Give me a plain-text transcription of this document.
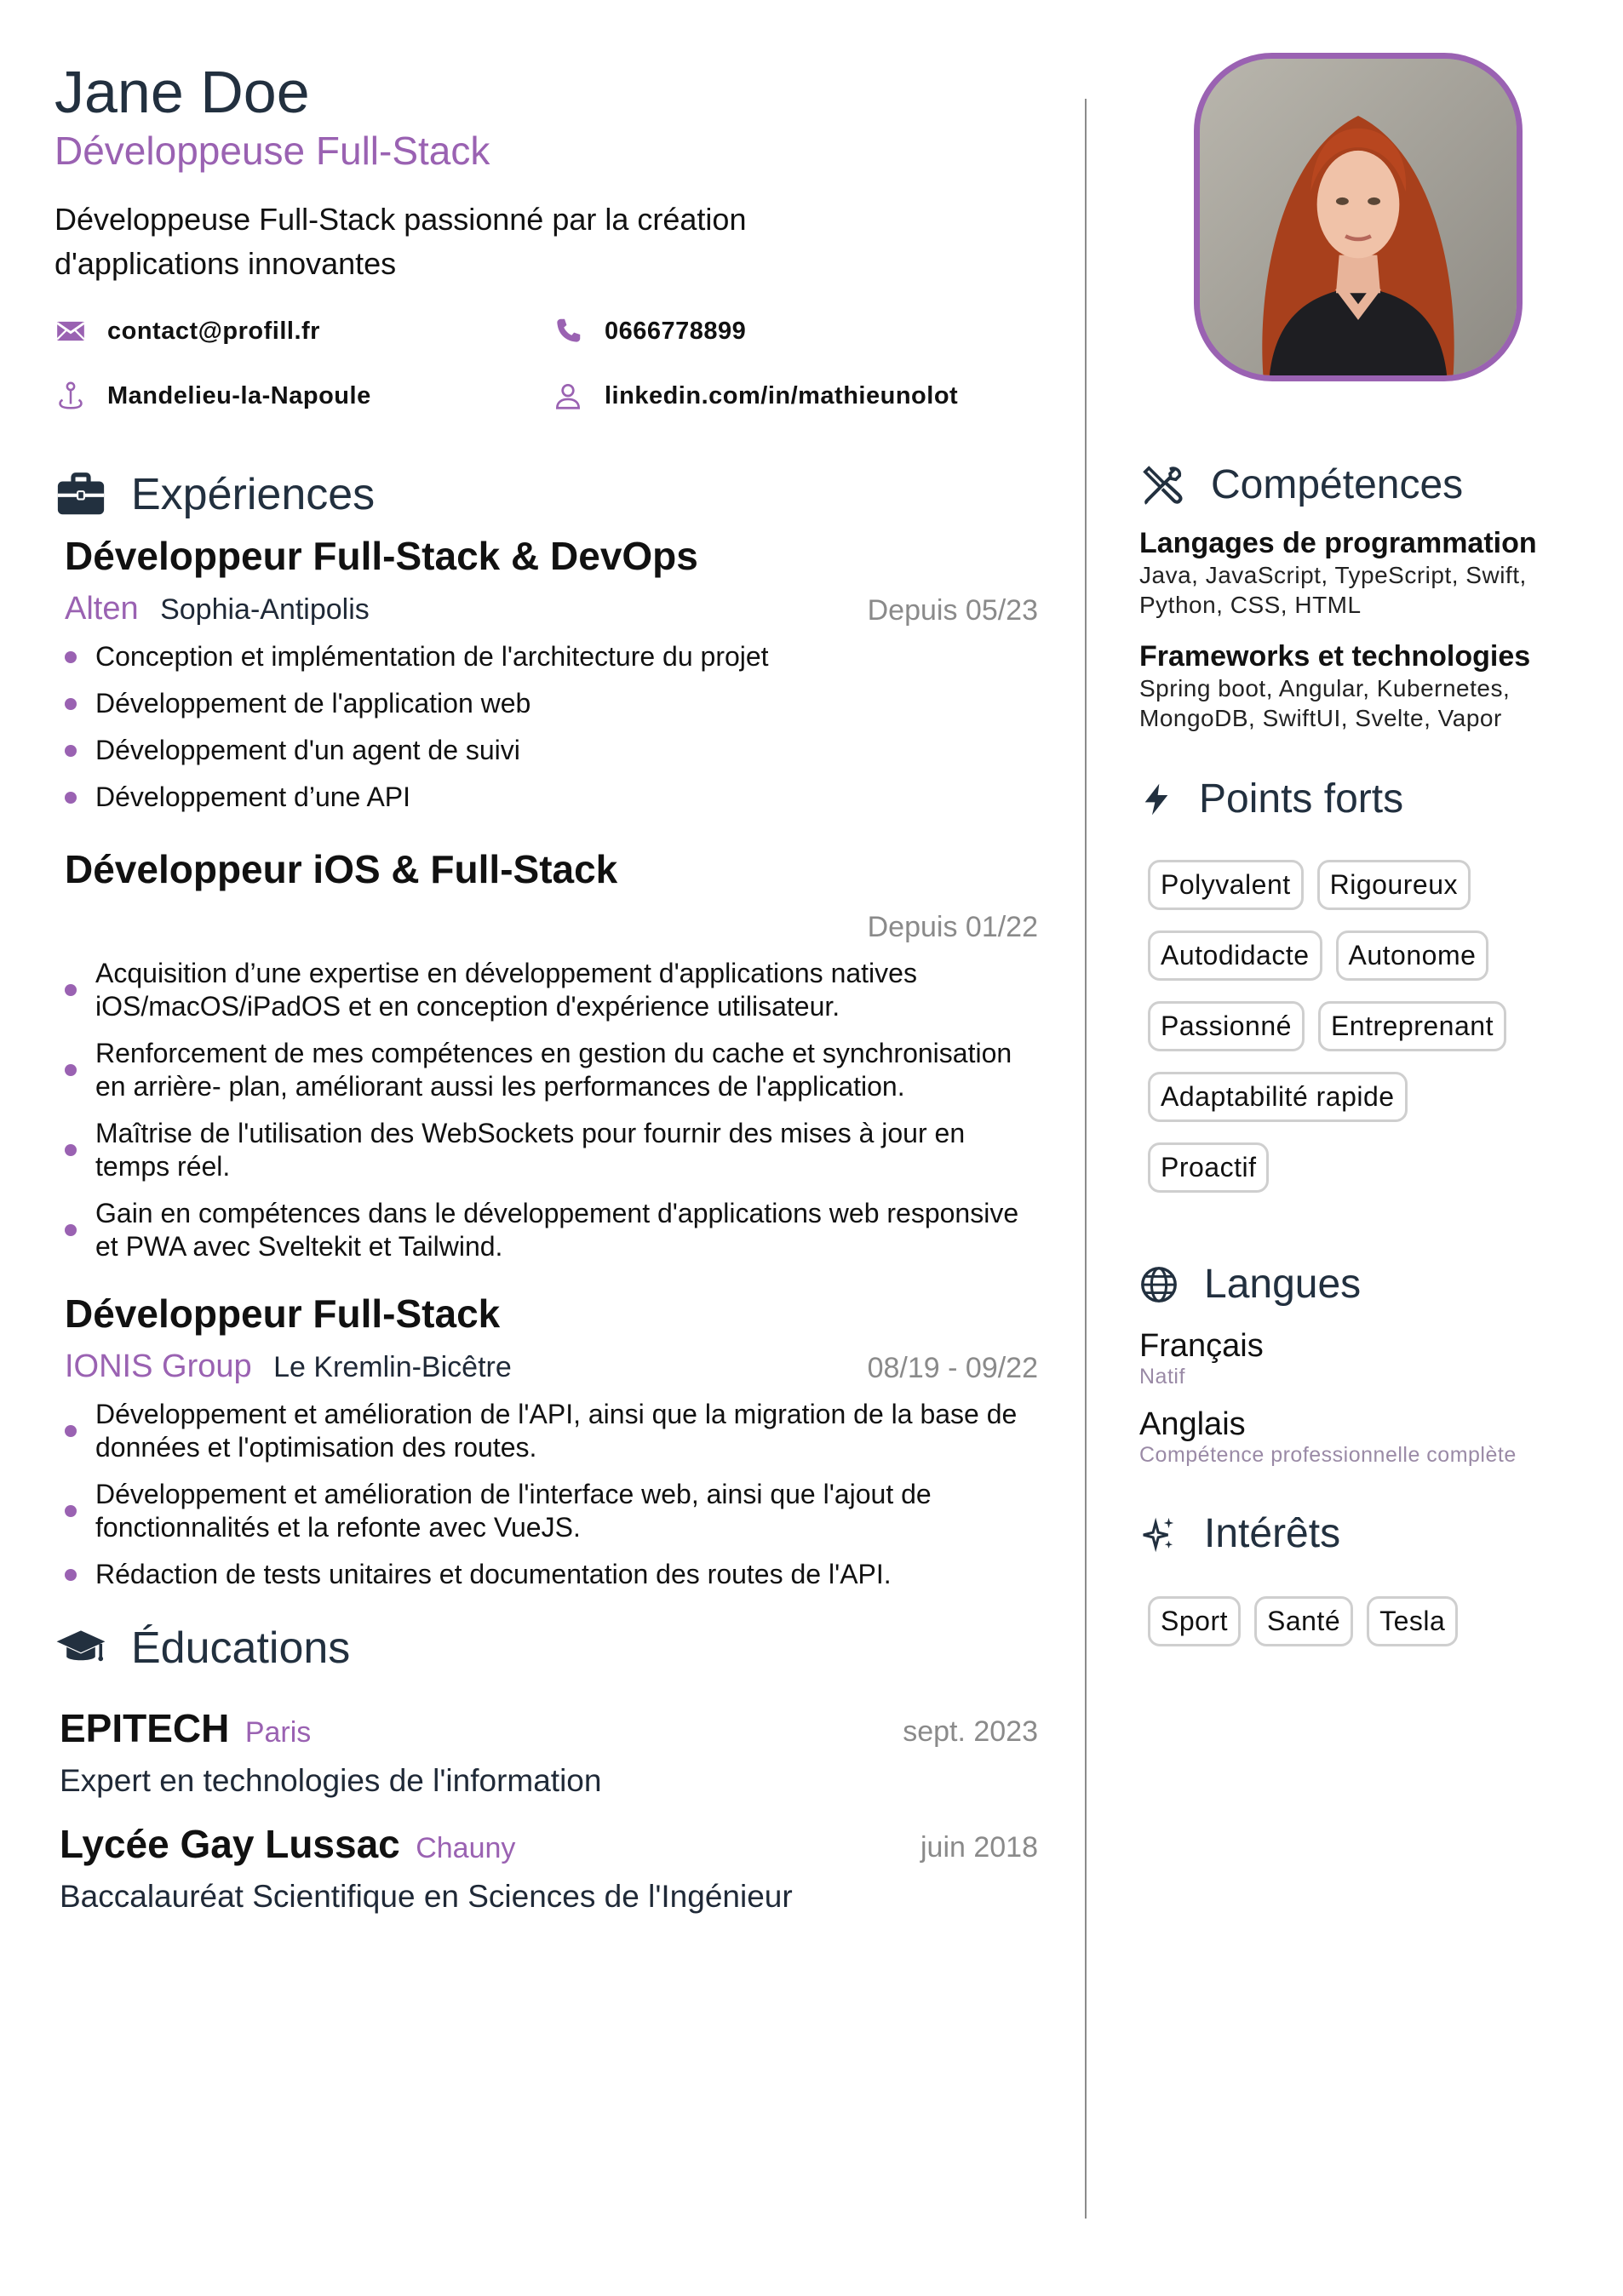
Jane Doe
Développeuse Full-Stack
Développeuse Full-Stack passionné par la création d'applications innovantes
contact@profill.fr	0666778899
Mandelieu-la-Napoule	linkedin.com/in/mathieunolot
Expériences
Développeur Full-Stack & DevOps
Alten Sophia-Antipolis	Depuis 05/23
Conception et implémentation de l'architecture du projet
Développement de l'application web
Développement d'un agent de suivi
Développement d’une API
Développeur iOS & Full-Stack
Depuis 01/22
Acquisition d’une expertise en développement d'applications natives iOS/macOS/iPadOS et en conception d'expérience utilisateur.
Renforcement de mes compétences en gestion du cache et synchronisation en arrière- plan, améliorant aussi les performances de l'application.
Maîtrise de l'utilisation des WebSockets pour fournir des mises à jour en temps réel.
Gain en compétences dans le développement d'applications web responsive et PWA avec Sveltekit et Tailwind.
Développeur Full-Stack
IONIS Group Le Kremlin-Bicêtre	08/19 - 09/22
Développement et amélioration de l'API, ainsi que la migration de la base de données et l'optimisation des routes.
Développement et amélioration de l'interface web, ainsi que l'ajout de fonctionnalités et la refonte avec VueJS.
Rédaction de tests unitaires et documentation des routes de l'API.
Éducations
EPITECH Paris	sept. 2023
Expert en technologies de l'information
Lycée Gay Lussac Chauny	juin 2018
Baccalauréat Scientifique en Sciences de l'Ingénieur
Compétences
Langages de programmation
Java, JavaScript, TypeScript, Swift, Python, CSS, HTML
Frameworks et technologies
Spring boot, Angular, Kubernetes, MongoDB, SwiftUI, Svelte, Vapor
Points forts
Polyvalent	Rigoureux
Autodidacte	Autonome
Passionné	Entreprenant
Adaptabilité rapide
Proactif
Langues
Français
Natif
Anglais
Compétence professionnelle complète
Intérêts
Sport	Santé	Tesla
